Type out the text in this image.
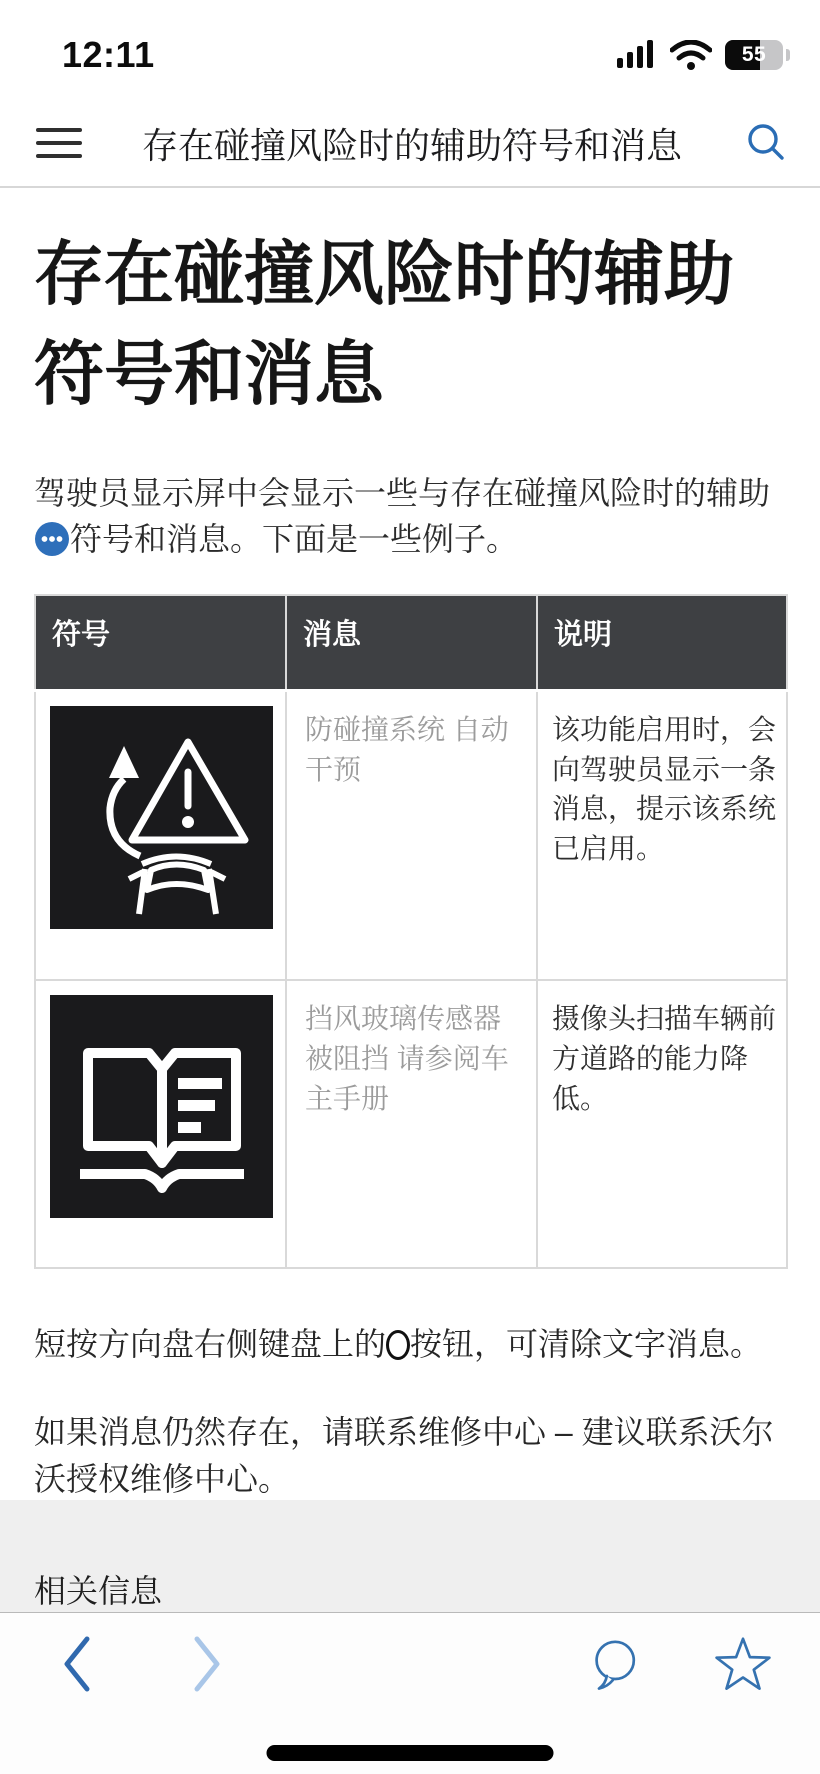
12:11	55
存在碰撞风险时的辅助符号和消息
存在碰撞风险时的辅助符号和消息

驾驶员显示屏中会显示一些与存在碰撞风险时的辅助符号和消息。下面是一些例子。

符号	消息	说明

	防碰撞系统 自动干预	该功能启用时，会向驾驶员显示一条消息，提示该系统已启用。

	挡风玻璃传感器 被阻挡 请参阅车主手册	摄像头扫描车辆前方道路的能力降低。

短按方向盘右侧键盘上的 按钮，可清除文字消息。

如果消息仍然存在，请联系维修中心 – 建议联系沃尔沃授权维修中心。

相关信息
